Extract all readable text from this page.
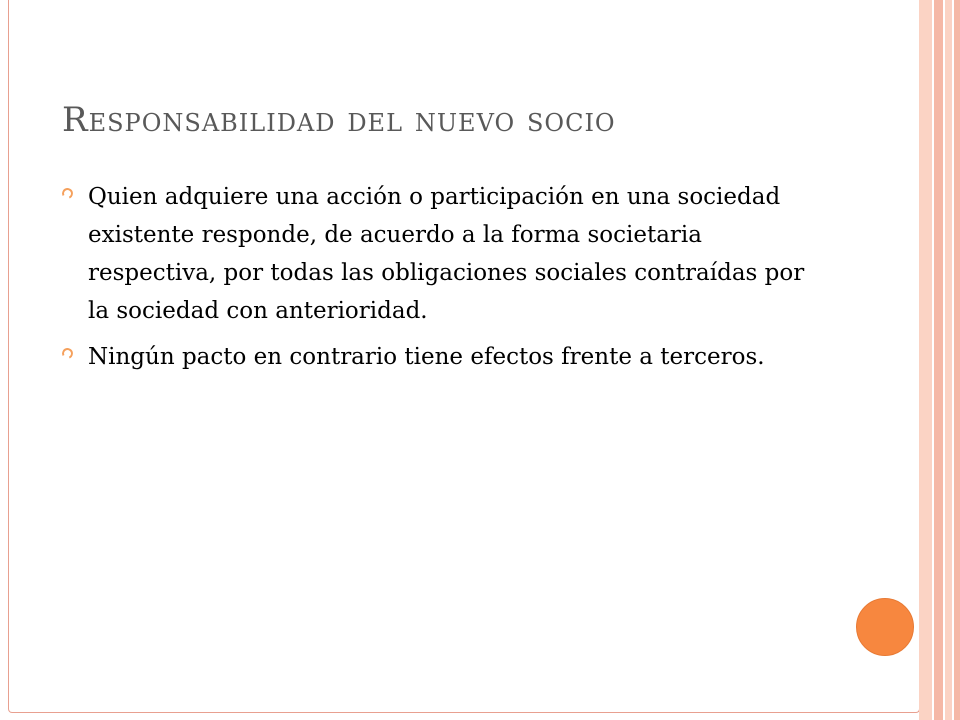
Responsabilidad del nuevo socio
Quien adquiere una acción o participación en una sociedad existente responde, de acuerdo a la forma societaria respectiva, por todas las obligaciones sociales contraídas por la sociedad con anterioridad.
Ningún pacto en contrario tiene efectos frente a terceros.
